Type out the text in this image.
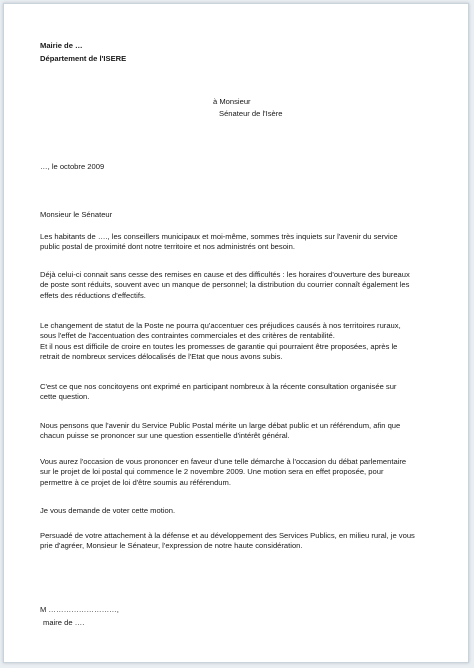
Mairie de …
Département de l'ISERE
à Monsieur
Sénateur de l'Isère
…, le octobre 2009
Monsieur le Sénateur

Les habitants de …., les conseillers municipaux et moi-même, sommes très inquiets sur l'avenir du service

public postal de proximité dont notre territoire et nos administrés ont besoin.

Déjà celui-ci connait sans cesse des remises en cause et des difficultés : les horaires d'ouverture des bureaux

de poste sont réduits, souvent avec un manque de personnel; la distribution du courrier connaît également les

effets des réductions d'effectifs.

Le changement de statut de la Poste ne pourra qu'accentuer ces préjudices causés à nos territoires ruraux,

sous l'effet de l'accentuation des contraintes commerciales et des critères de rentabilité.

Et il nous est difficile de croire en toutes les promesses de garantie qui pourraient être proposées, après le

retrait de nombreux services délocalisés de l'Etat que nous avons subis.

C'est ce que nos concitoyens ont exprimé en participant nombreux à la récente consultation organisée sur

cette question.

Nous pensons que l'avenir du Service Public Postal mérite un large débat public et un référendum, afin que

chacun puisse se prononcer sur une question essentielle d'intérêt général.

Vous aurez l'occasion de vous prononcer en faveur d'une telle démarche à l'occasion du débat parlementaire

sur le projet de loi postal qui commence le 2 novembre 2009. Une motion sera en effet proposée, pour

permettre à ce projet de loi d'être soumis au référendum.

Je vous demande de voter cette motion.

Persuadé de votre attachement à la défense et au développement des Services Publics, en milieu rural, je vous

prie d'agréer, Monsieur le Sénateur, l'expression de notre haute considération.

M ………………………,
maire de ….
